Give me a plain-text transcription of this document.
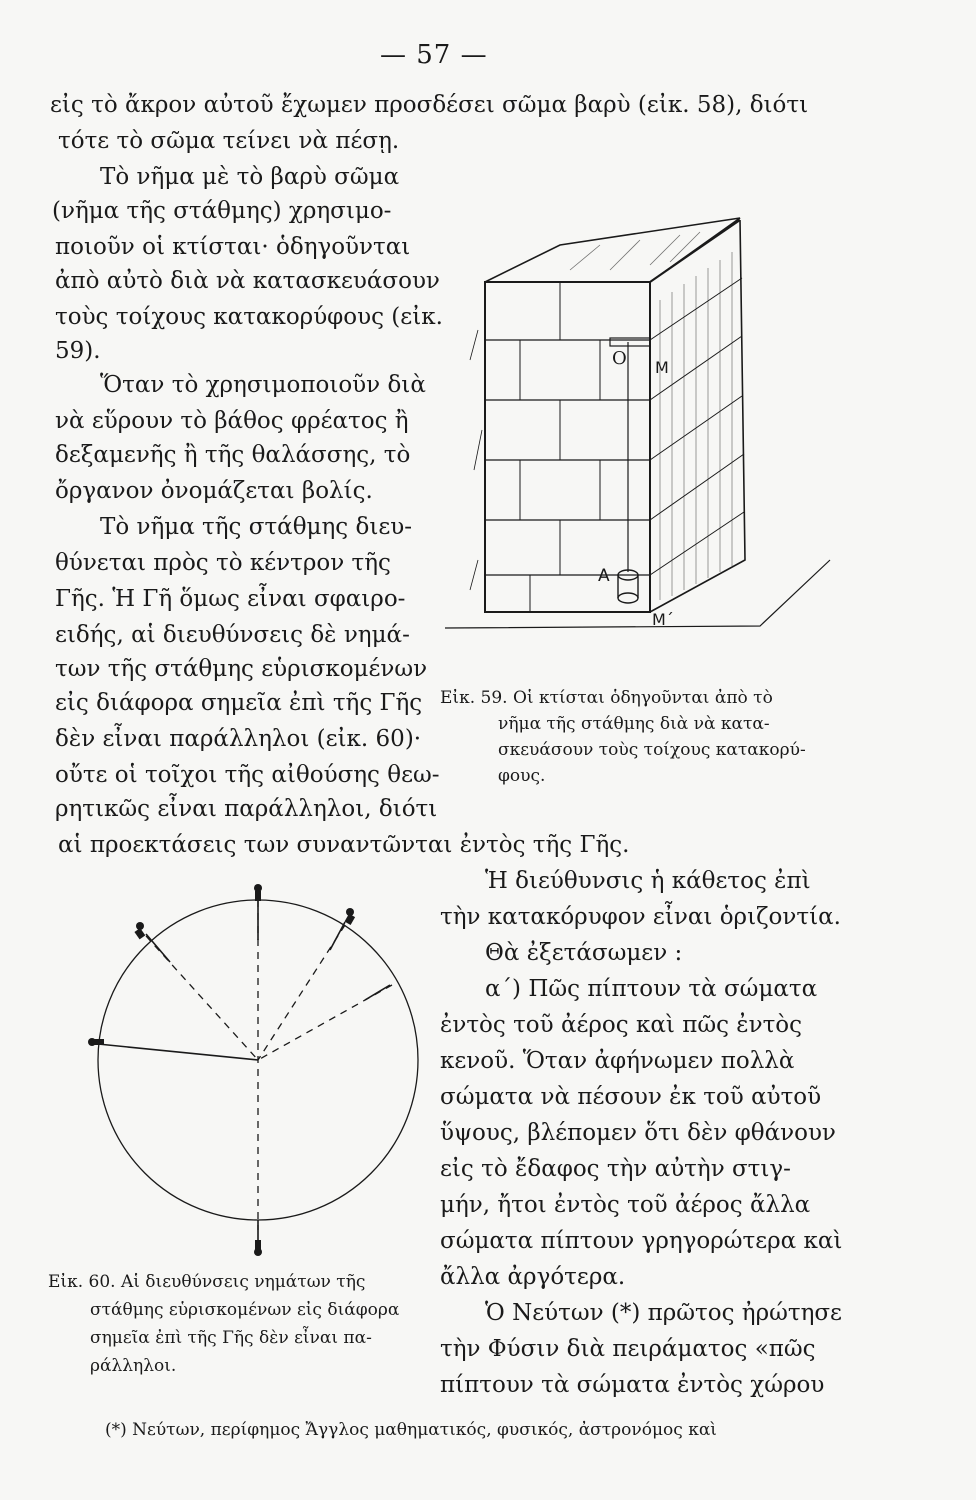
— 57 —
εἰς τὸ ἄκρον αὐτοῦ ἔχωμεν προσδέσει σῶμα βαρὺ (εἰκ. 58), διότι
τότε τὸ σῶμα τείνει νὰ πέσῃ.
Τὸ νῆμα μὲ τὸ βαρὺ σῶμα
(νῆμα τῆς στάθμης) χρησιμο-
ποιοῦν οἱ κτίσται· ὁδηγοῦνται
ἀπὸ αὐτὸ διὰ νὰ κατασκευάσουν
τοὺς τοίχους κατακορύφους (εἰκ.
59).
Ὅταν τὸ χρησιμοποιοῦν διὰ
νὰ εὕρουν τὸ βάθος φρέατος ἢ
δεξαμενῆς ἢ τῆς θαλάσσης, τὸ
ὄργανον ὀνομάζεται βολίς.
Τὸ νῆμα τῆς στάθμης διευ-
θύνεται πρὸς τὸ κέντρον τῆς
Γῆς. Ἡ Γῆ ὅμως εἶναι σφαιρο-
ειδής, αἱ διευθύνσεις δὲ νημά-
των τῆς στάθμης εὑρισκομένων
εἰς διάφορα σημεῖα ἐπὶ τῆς Γῆς
δὲν εἶναι παράλληλοι (εἰκ. 60)·
οὔτε οἱ τοῖχοι τῆς αἰθούσης θεω-
ρητικῶς εἶναι παράλληλοι, διότι
αἱ προεκτάσεις των συναντῶνται ἐντὸς τῆς Γῆς.
Ἡ διεύθυνσις ἡ κάθετος ἐπὶ
τὴν κατακόρυφον εἶναι ὁριζοντία.
Θὰ ἐξετάσωμεν :
α΄) Πῶς πίπτουν τὰ σώματα
ἐντὸς τοῦ ἀέρος καὶ πῶς ἐντὸς
κενοῦ. Ὅταν ἀφήνωμεν πολλὰ
σώματα νὰ πέσουν ἐκ τοῦ αὐτοῦ
ὕψους, βλέπομεν ὅτι δὲν φθάνουν
εἰς τὸ ἔδαφος τὴν αὐτὴν στιγ-
μήν, ἤτοι ἐντὸς τοῦ ἀέρος ἄλλα
σώματα πίπτουν γρηγορώτερα καὶ
ἄλλα ἀργότερα.
Ὁ Νεύτων (*) πρῶτος ἠρώτησε
τὴν Φύσιν διὰ πειράματος «πῶς
πίπτουν τὰ σώματα ἐντὸς χώρου
Ο M
A
M΄
Εἰκ. 59. Οἱ κτίσται ὁδηγοῦνται ἀπὸ τὸ
νῆμα τῆς στάθμης διὰ νὰ κατα-
σκευάσουν τοὺς τοίχους κατακορύ-
φους.
Εἰκ. 60. Αἱ διευθύνσεις νημάτων τῆς
στάθμης εὑρισκομένων εἰς διάφορα
σημεῖα ἐπὶ τῆς Γῆς δὲν εἶναι πα-
ράλληλοι.
(*) Νεύτων, περίφημος Ἄγγλος μαθηματικός, φυσικός, ἀστρονόμος καὶ
